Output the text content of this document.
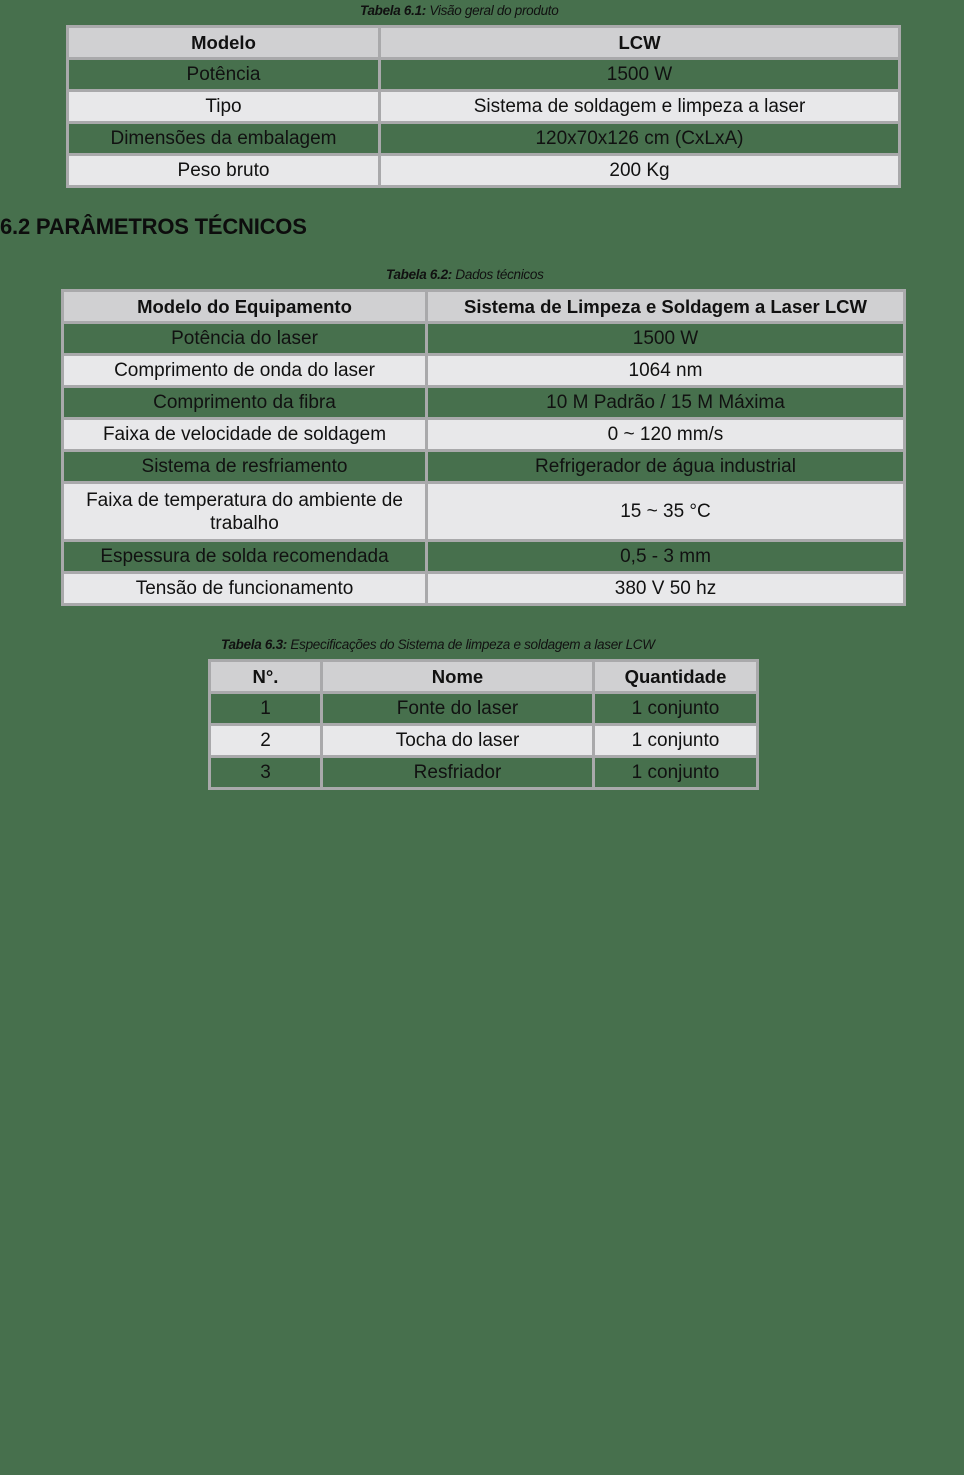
Tabela 6.1: Visão geral do produto
Modelo	LCW
Potência	1500 W
Tipo	Sistema de soldagem e limpeza a laser
Dimensões da embalagem	120x70x126 cm (CxLxA)
Peso bruto	200 Kg
6.2 PARÂMETROS TÉCNICOS
Tabela 6.2: Dados técnicos
Modelo do Equipamento	Sistema de Limpeza e Soldagem a Laser LCW
Potência do laser	1500 W
Comprimento de onda do laser	1064 nm
Comprimento da fibra	10 M Padrão / 15 M Máxima
Faixa de velocidade de soldagem	0 ~ 120 mm/s
Sistema de resfriamento	Refrigerador de água industrial
Faixa de temperatura do ambiente de trabalho	15 ~ 35 °C
Espessura de solda recomendada	0,5 - 3 mm
Tensão de funcionamento	380 V 50 hz
Tabela 6.3: Especificações do Sistema de limpeza e soldagem a laser LCW
N°.	Nome	Quantidade
1	Fonte do laser	1 conjunto
2	Tocha do laser	1 conjunto
3	Resfriador	1 conjunto
